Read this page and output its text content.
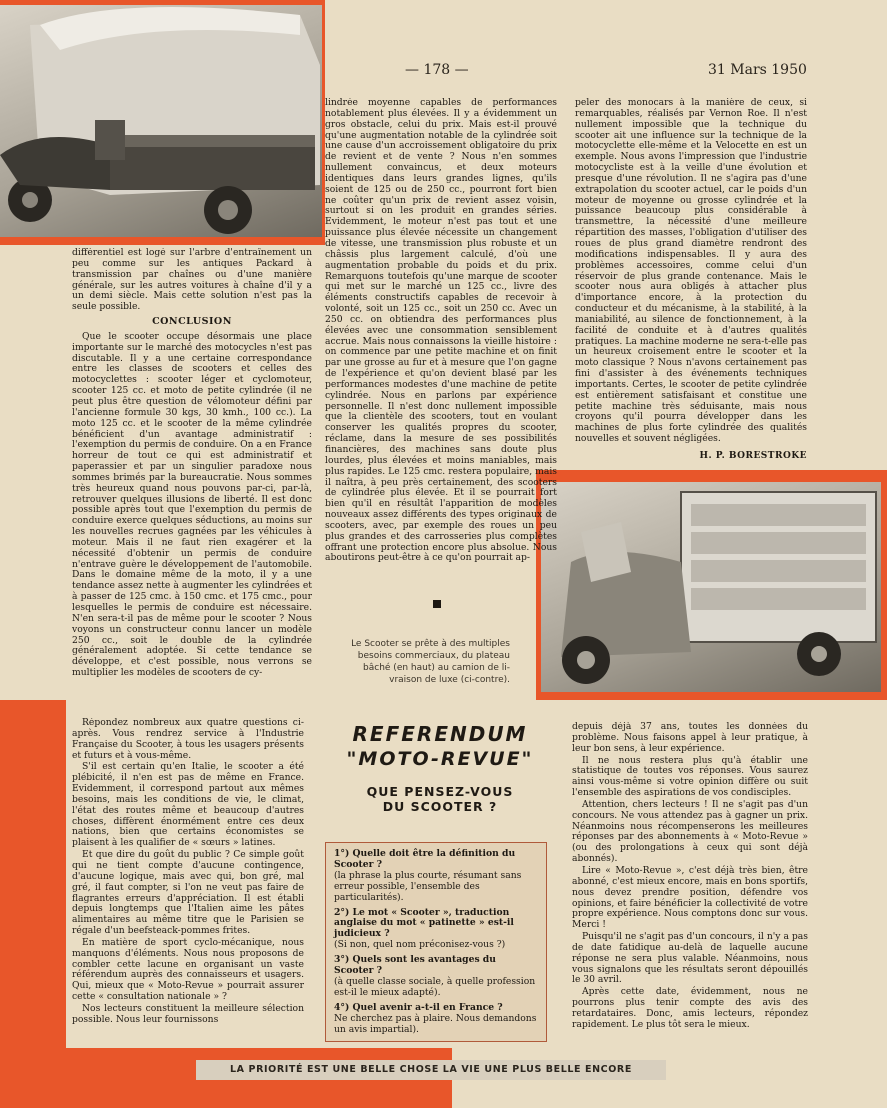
— 178 —	31 Mars 1950

différentiel est logé sur l'arbre d'entraînement un peu comme sur les antiques Packard à transmission par chaînes ou d'une manière générale, sur les autres voitures à chaîne d'il y a un demi siècle. Mais cette solution n'est pas la seule possible.

CONCLUSION

Que le scooter occupe désormais une place importante sur le marché des motocycles n'est pas discutable. Il y a une certaine correspondance entre les classes de scooters et celles des motocyclettes : scooter léger et cyclomoteur, scooter 125 cc. et moto de petite cylindrée (il ne peut plus être question de vélomoteur défini par l'ancienne formule 30 kgs, 30 kmh., 100 cc.). La moto 125 cc. et le scooter de la même cylindrée bénéficient d'un avantage administratif : l'exemption du permis de conduire. On a en France horreur de tout ce qui est administratif et paperassier et par un singulier paradoxe nous sommes brimés par la bureaucratie. Nous sommes très heureux quand nous pouvons par-ci, par-là, retrouver quelques illusions de liberté. Il est donc possible après tout que l'exemption du permis de conduire exerce quelques séductions, au moins sur les nouvelles recrues gagnées par les véhicules à moteur. Mais il ne faut rien exagérer et la nécessité d'obtenir un permis de conduire n'entrave guère le développement de l'automobile. Dans le domaine même de la moto, il y a une tendance assez nette à augmenter les cylindrées et à passer de 125 cmc. à 150 cmc. et 175 cmc., pour lesquelles le permis de conduire est nécessaire. N'en sera-t-il pas de même pour le scooter ? Nous voyons un constructeur connu lancer un modèle 250 cc., soit le double de la cylindrée généralement adoptée. Si cette tendance se développe, et c'est possible, nous verrons se multiplier les modèles de scooters de cy-

lindrée moyenne capables de performances notablement plus élevées. Il y a évidemment un gros obstacle, celui du prix. Mais est-il prouvé qu'une augmentation notable de la cylindrée soit une cause d'un accroissement obligatoire du prix de revient et de vente ? Nous n'en sommes nullement convaincus, et deux moteurs identiques dans leurs grandes lignes, qu'ils soient de 125 ou de 250 cc., pourront fort bien ne coûter qu'un prix de revient assez voisin, surtout si on les produit en grandes séries. Evidemment, le moteur n'est pas tout et une puissance plus élevée nécessite un changement de vitesse, une transmission plus robuste et un châssis plus largement calculé, d'où une augmentation probable du poids et du prix. Remarquons toutefois qu'une marque de scooter qui met sur le marché un 125 cc., livre des éléments constructifs capables de recevoir à volonté, soit un 125 cc., soit un 250 cc. Avec un 250 cc. on obtiendra des performances plus élevées avec une consommation sensiblement accrue. Mais nous connaissons la vieille histoire : on commence par une petite machine et on finit par une grosse au fur et à mesure que l'on gagne de l'expérience et qu'on devient blasé par les performances modestes d'une machine de petite cylindrée. Nous en parlons par expérience personnelle. Il n'est donc nullement impossible que la clientèle des scooters, tout en voulant conserver les qualités propres du scooter, réclame, dans la mesure de ses possibilités financières, des machines sans doute plus lourdes, plus élevées et moins maniables, mais plus rapides. Le 125 cmc. restera populaire, mais il naîtra, à peu près certainement, des scooters de cylindrée plus élevée. Et il se pourrait fort bien qu'il en résultât l'apparition de modèles nouveaux assez différents des types originaux de scooters, avec, par exemple des roues un peu plus grandes et des carrosseries plus complètes offrant une protection encore plus absolue. Nous aboutirons peut-être à ce qu'on pourrait ap-

peler des monocars à la manière de ceux, si remarquables, réalisés par Vernon Roe. Il n'est nullement impossible que la technique du scooter ait une influence sur la technique de la motocyclette elle-même et la Velocette en est un exemple. Nous avons l'impression que l'industrie motocycliste est à la veille d'une évolution et presque d'une révolution. Il ne s'agira pas d'une extrapolation du scooter actuel, car le poids d'un moteur de moyenne ou grosse cylindrée et la puissance beaucoup plus considérable à transmettre, la nécessité d'une meilleure répartition des masses, l'obligation d'utiliser des roues de plus grand diamètre rendront des modifications indispensables. Il y aura des problèmes accessoires, comme celui d'un réservoir de plus grande contenance. Mais le scooter nous aura obligés à attacher plus d'importance encore, à la protection du conducteur et du mécanisme, à la stabilité, à la maniabilité, au silence de fonctionnement, à la facilité de conduite et à d'autres qualités pratiques. La machine moderne ne sera-t-elle pas un heureux croisement entre le scooter et la moto classique ? Nous n'avons certainement pas fini d'assister à des événements techniques importants. Certes, le scooter de petite cylindrée est entièrement satisfaisant et constitue une petite machine très séduisante, mais nous croyons qu'il pourra développer dans les machines de plus forte cylindrée des qualités nouvelles et souvent négligées.

H. P. BORESTROKE
Le Scooter se prête à des multiples
besoins commerciaux, du plateau
bâché (en haut) au camion de li-
vraison de luxe (ci-contre).

Répondez nombreux aux quatre questions ci-après. Vous rendrez service à l'Industrie Française du Scooter, à tous les usagers présents et futurs et à vous-même.

S'il est certain qu'en Italie, le scooter a été plébicité, il n'en est pas de même en France. Evidemment, il correspond partout aux mêmes besoins, mais les conditions de vie, le climat, l'état des routes même et beaucoup d'autres choses, diffèrent énormément entre ces deux nations, bien que certains économistes se plaisent à les qualifier de « sœurs » latines.

Et que dire du goût du public ? Ce simple goût qui ne tient compte d'aucune contingence, d'aucune logique, mais avec qui, bon gré, mal gré, il faut compter, si l'on ne veut pas faire de flagrantes erreurs d'appréciation. Il est établi depuis longtemps que l'Italien aime les pâtes alimentaires au même titre que le Parisien se régale d'un beefsteack-pommes frites.

En matière de sport cyclo-mécanique, nous manquons d'éléments. Nous nous proposons de combler cette lacune en organisant un vaste référendum auprès des connaisseurs et usagers. Qui, mieux que « Moto-Revue » pourrait assurer cette « consultation nationale » ?

Nos lecteurs constituent la meilleure sélection possible. Nous leur fournissons

REFERENDUM
"MOTO-REVUE"
QUE PENSEZ-VOUS
DU SCOOTER ?
1°) Quelle doit être la définition du Scooter ?
(la phrase la plus courte, résumant sans erreur possible, l'ensemble des particularités).
2°) Le mot « Scooter », traduction anglaise du mot « patinette » est-il judicieux ?
(Si non, quel nom préconisez-vous ?)
3°) Quels sont les avantages du Scooter ?
(à quelle classe sociale, à quelle profession est-il le mieux adapté).
4°) Quel avenir a-t-il en France ?
Ne cherchez pas à plaire. Nous demandons un avis impartial).

depuis déjà 37 ans, toutes les données du problème. Nous faisons appel à leur pratique, à leur bon sens, à leur expérience.

Il ne nous restera plus qu'à établir une statistique de toutes vos réponses. Vous saurez ainsi vous-même si votre opinion diffère ou suit l'ensemble des aspirations de vos condisciples.

Attention, chers lecteurs ! Il ne s'agit pas d'un concours. Ne vous attendez pas à gagner un prix. Néanmoins nous récompenserons les meilleures réponses par des abonnements à « Moto-Revue » (ou des prolongations à ceux qui sont déjà abonnés).

Lire « Moto-Revue », c'est déjà très bien, être abonné, c'est mieux encore, mais en bons sportifs, nous devez prendre position, défendre vos opinions, et faire bénéficier la collectivité de votre propre expérience. Nous comptons donc sur vous. Merci !

Puisqu'il ne s'agit pas d'un concours, il n'y a pas de date fatidique au-delà de laquelle aucune réponse ne sera plus valable. Néanmoins, nous vous signalons que les résultats seront dépouillés le 30 avril.

Après cette date, évidemment, nous ne pourrons plus tenir compte des avis des retardataires. Donc, amis lecteurs, répondez rapidement. Le plus tôt sera le mieux.

LA PRIORITÉ EST UNE BELLE CHOSE LA VIE UNE PLUS BELLE ENCORE
